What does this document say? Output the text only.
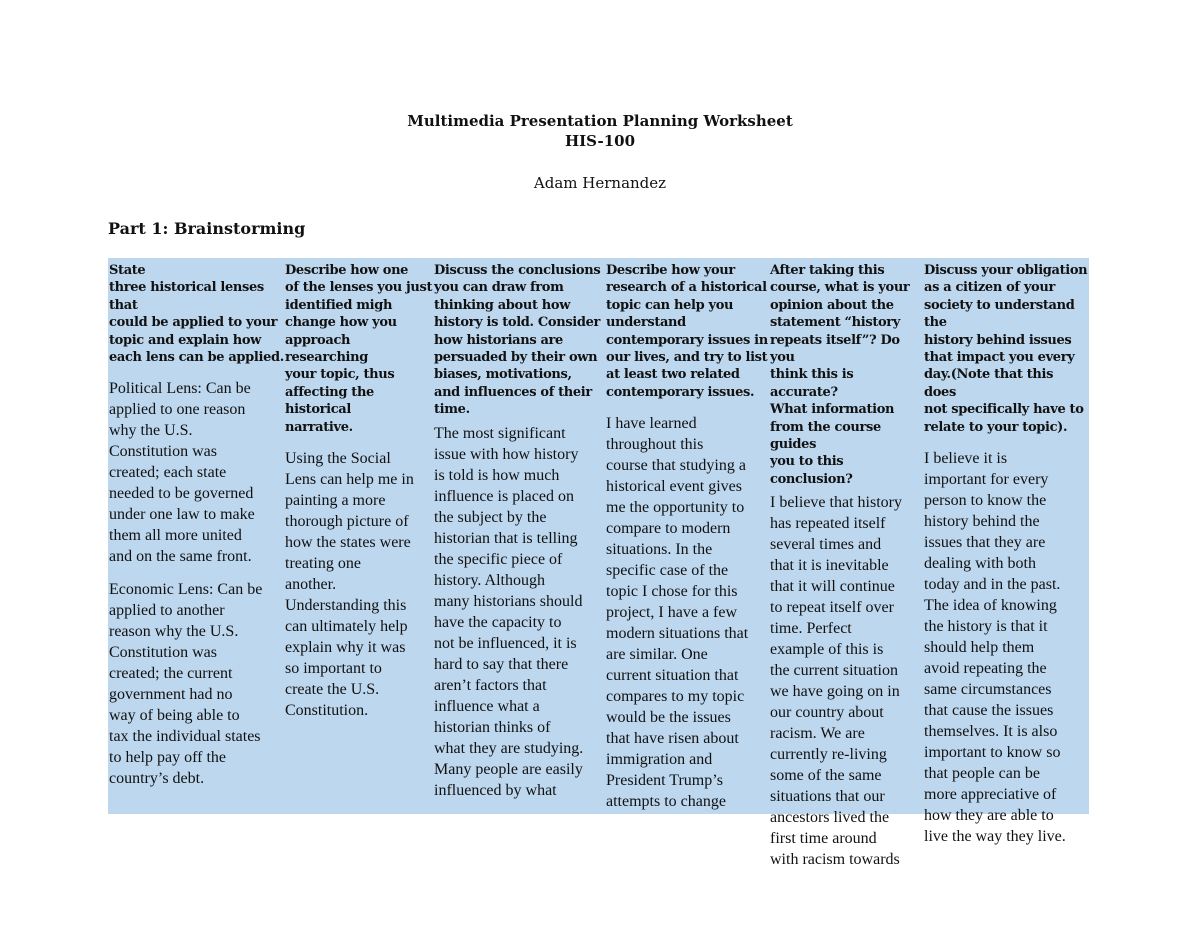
Multimedia Presentation Planning Worksheet
HIS-100
Adam Hernandez
Part 1: Brainstorming
State
three historical lenses that
could be applied to your
topic and explain how
each lens can be applied.
Political Lens: Can be
applied to one reason
why the U.S.
Constitution was
created; each state
needed to be governed
under one law to make
them all more united
and on the same front.
Economic Lens: Can be
applied to another
reason why the U.S.
Constitution was
created; the current
government had no
way of being able to
tax the individual states
to help pay off the
country’s debt.
Describe how one
of the lenses you just
identified migh
change how you
approach researching
your topic, thus
affecting the historical
narrative.
Using the Social
Lens can help me in
painting a more
thorough picture of
how the states were
treating one
another.
Understanding this
can ultimately help
explain why it was
so important to
create the U.S.
Constitution.
Discuss the conclusions
you can draw from
thinking about how
history is told. Consider
how historians are
persuaded by their own
biases, motivations,
and influences of their
time.
The most significant
issue with how history
is told is how much
influence is placed on
the subject by the
historian that is telling
the specific piece of
history. Although
many historians should
have the capacity to
not be influenced, it is
hard to say that there
aren’t factors that
influence what a
historian thinks of
what they are studying.
Many people are easily
influenced by what
Describe how your
research of a historical
topic can help you
understand
contemporary issues in
our lives, and try to list
at least two related
contemporary issues.
I have learned
throughout this
course that studying a
historical event gives
me the opportunity to
compare to modern
situations. In the
specific case of the
topic I chose for this
project, I have a few
modern situations that
are similar. One
current situation that
compares to my topic
would be the issues
that have risen about
immigration and
President Trump’s
attempts to change
After taking this
course, what is your
opinion about the
statement “history
repeats itself”? Do you
think this is accurate?
What information
from the course guides
you to this conclusion?
I believe that history
has repeated itself
several times and
that it is inevitable
that it will continue
to repeat itself over
time. Perfect
example of this is
the current situation
we have going on in
our country about
racism. We are
currently re-living
some of the same
situations that our
ancestors lived the
first time around
with racism towards
Discuss your obligation
as a citizen of your
society to understand the
history behind issues
that impact you every
day.(Note that this does
not specifically have to
relate to your topic).
I believe it is
important for every
person to know the
history behind the
issues that they are
dealing with both
today and in the past.
The idea of knowing
the history is that it
should help them
avoid repeating the
same circumstances
that cause the issues
themselves. It is also
important to know so
that people can be
more appreciative of
how they are able to
live the way they live.
